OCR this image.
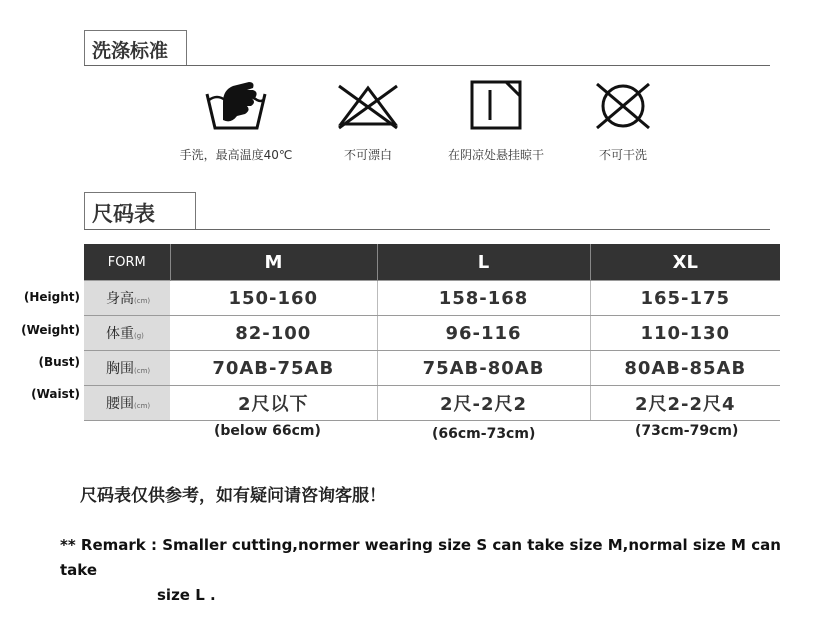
洗涤标准
手洗，最高温度40℃	不可漂白	在阴凉处悬挂晾干	不可干洗
尺码表
(Height)
(Weight)
(Bust)
(Waist)
FORM	M	L	XL
身高(cm)	150-160	158-168	165-175
体重(g)	82-100	96-116	110-130
胸围(cm)	70AB-75AB	75AB-80AB	80AB-85AB
腰围(cm)	2尺以下	2尺-2尺2	2尺2-2尺4
(below 66cm)	(66cm-73cm)	(73cm-79cm)
尺码表仅供参考，如有疑问请咨询客服！
** Remark : Smaller cutting,normer wearing size S can take size M,normal size M can take
size L .
